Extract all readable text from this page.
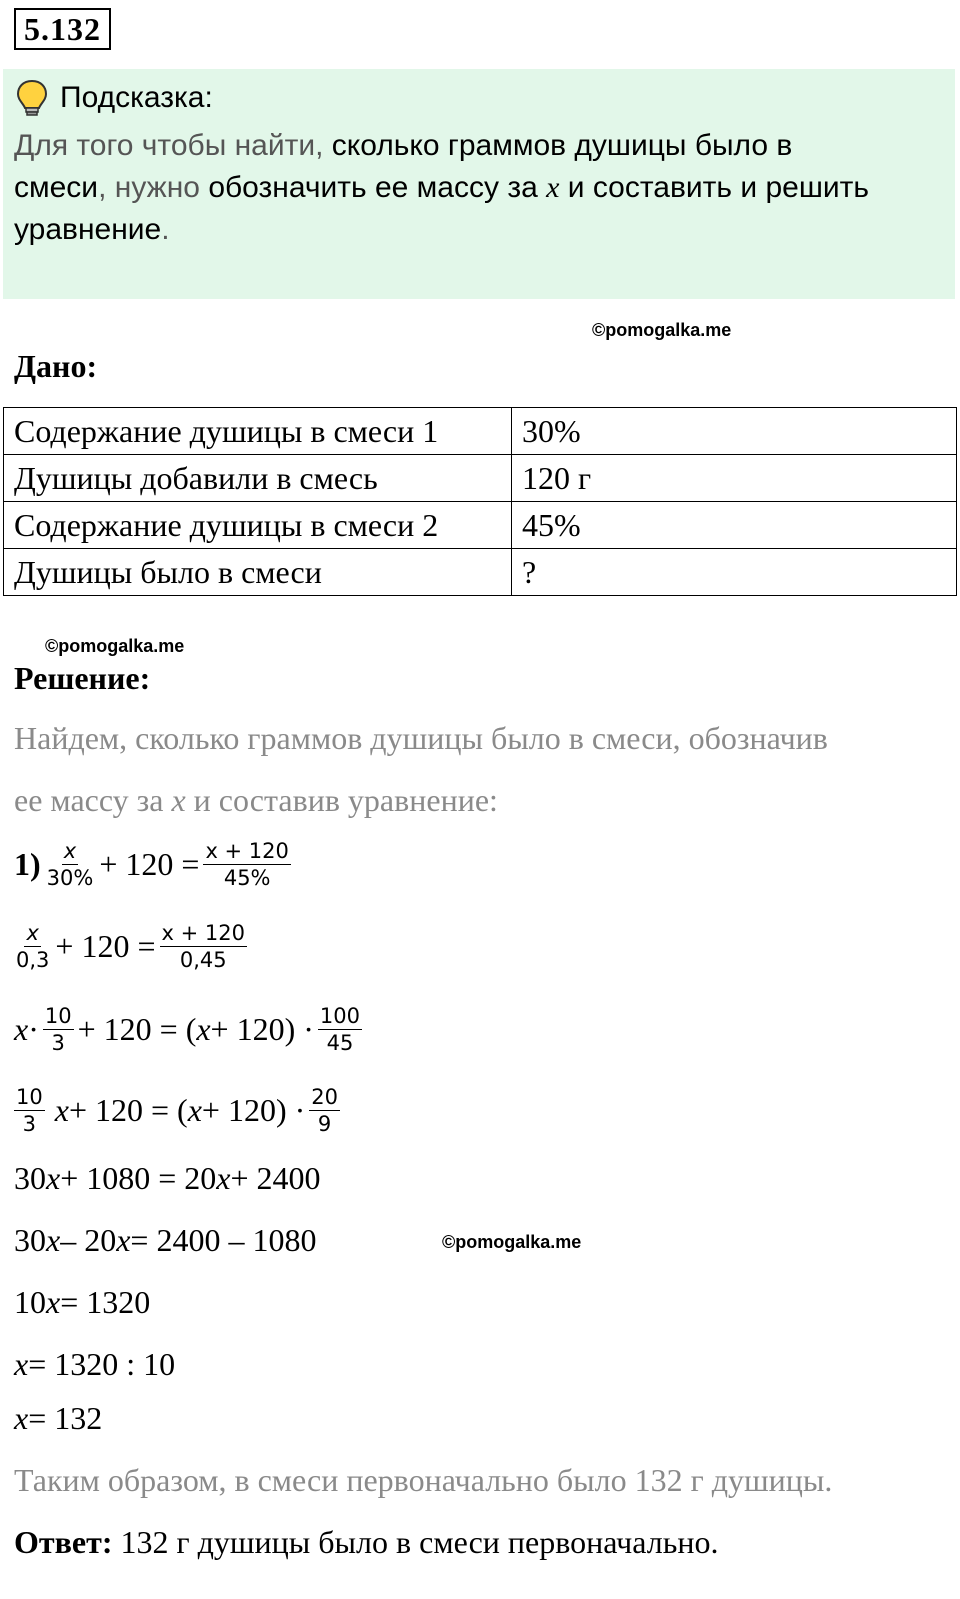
5.132
Подсказка:
Для того чтобы найти, сколько граммов душицы было в
смеси, нужно обозначить ее массу за x и составить и решить
уравнение.
©pomogalka.me
©pomogalka.me
©pomogalka.me
Дано:
Содержание душицы в смеси 1	30%
Душицы добавили в смесь	120 г
Содержание душицы в смеси 2	45%
Душицы было в смеси	?
Решение:
Найдем, сколько граммов душицы было в смеси, обозначив
ее массу за x и составив уравнение:
$1) \frac{x}{30\%} + 120 = \frac{x + 120}{45\%}$
$\frac{x}{0,3} + 120 = \frac{x + 120}{0,45}$
$x \cdot \frac{10}{3} + 120$ = ( $x + 120) \cdot \frac{100}{45}$
$\frac{10}{3}$ x + 120 = ( $x + 120) \cdot \frac{20}{9}$
30 x + 1080 = 20 x + 2400
30 x – 20 x = 2400 – 1080
10 x = 1320
x = 1320 : 10
x = 132
Таким образом, в смеси первоначально было 132 г душицы.
Ответ: 132 г душицы было в смеси первоначально.
